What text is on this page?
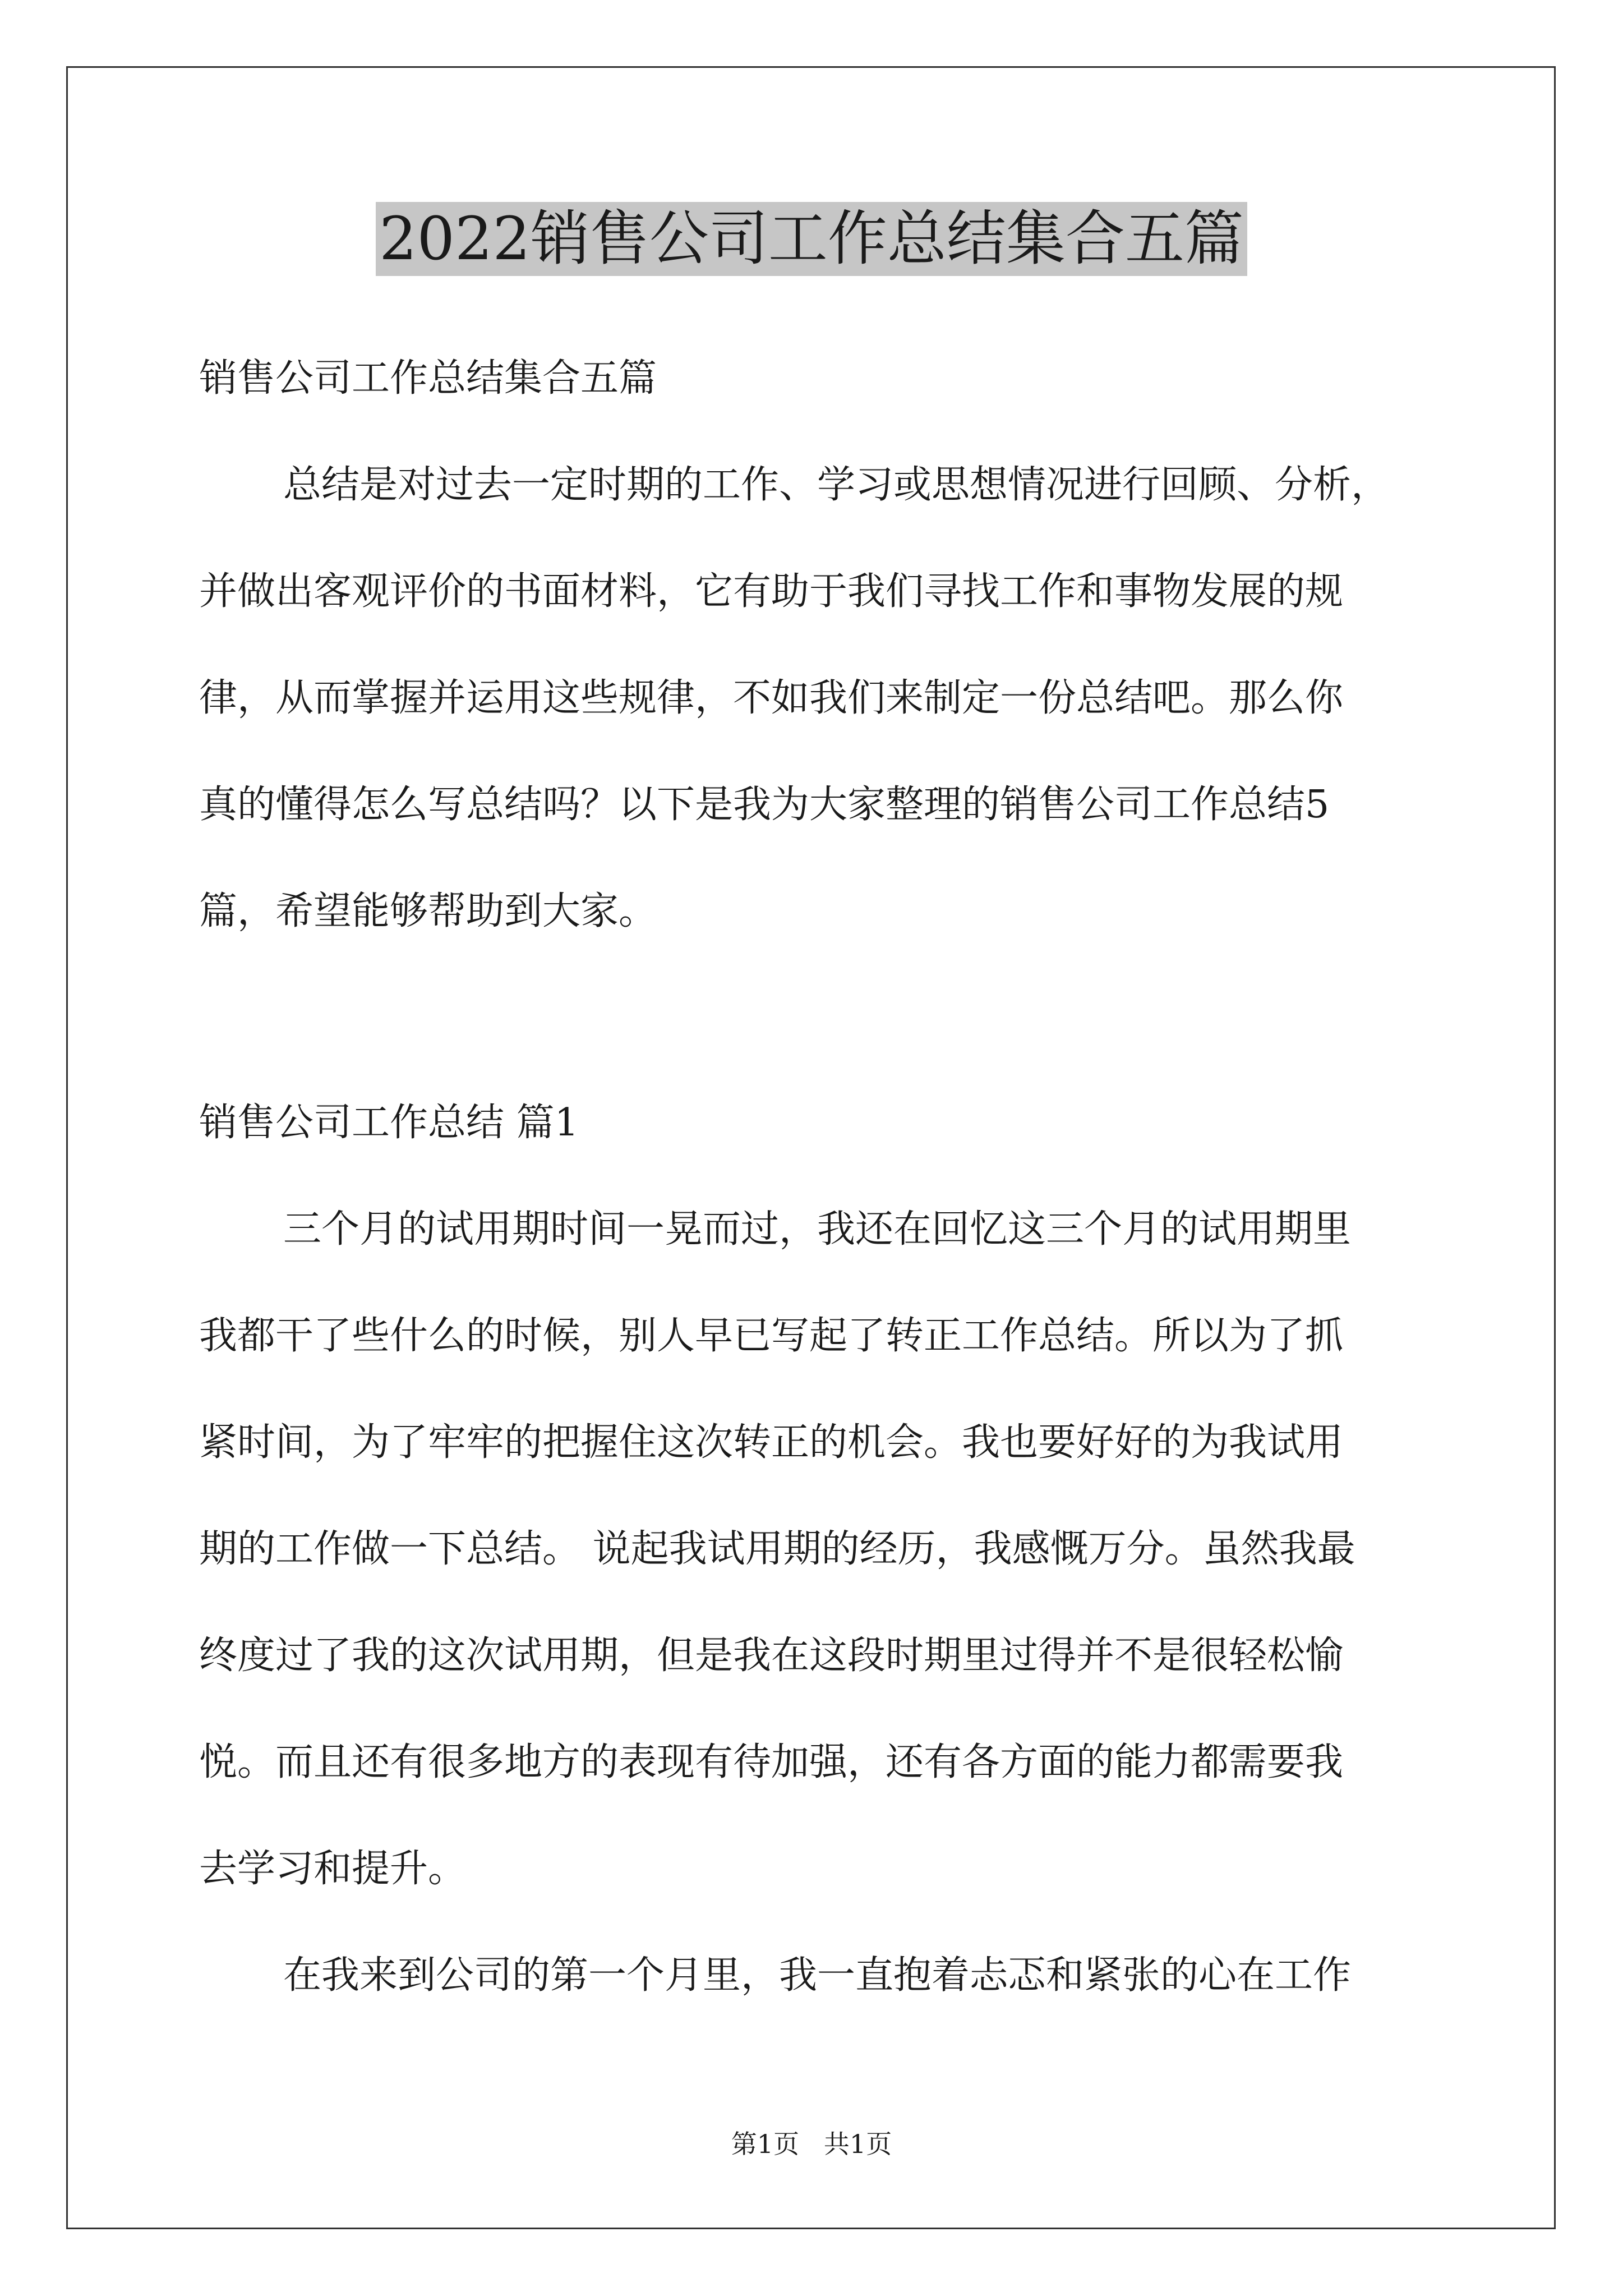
2022销售公司工作总结集合五篇

销售公司工作总结集合五篇

总结是对过去一定时期的工作、学习或思想情况进行回顾、分析，

并做出客观评价的书面材料，它有助于我们寻找工作和事物发展的规

律，从而掌握并运用这些规律，不如我们来制定一份总结吧。那么你

真的懂得怎么写总结吗？以下是我为大家整理的销售公司工作总结5

篇，希望能够帮助到大家。

销售公司工作总结 篇1

三个月的试用期时间一晃而过，我还在回忆这三个月的试用期里

我都干了些什么的时候，别人早已写起了转正工作总结。所以为了抓

紧时间，为了牢牢的把握住这次转正的机会。我也要好好的为我试用

期的工作做一下总结。 说起我试用期的经历，我感慨万分。虽然我最

终度过了我的这次试用期，但是我在这段时期里过得并不是很轻松愉

悦。而且还有很多地方的表现有待加强，还有各方面的能力都需要我

去学习和提升。

在我来到公司的第一个月里，我一直抱着忐忑和紧张的心在工作

第1页   共1页
